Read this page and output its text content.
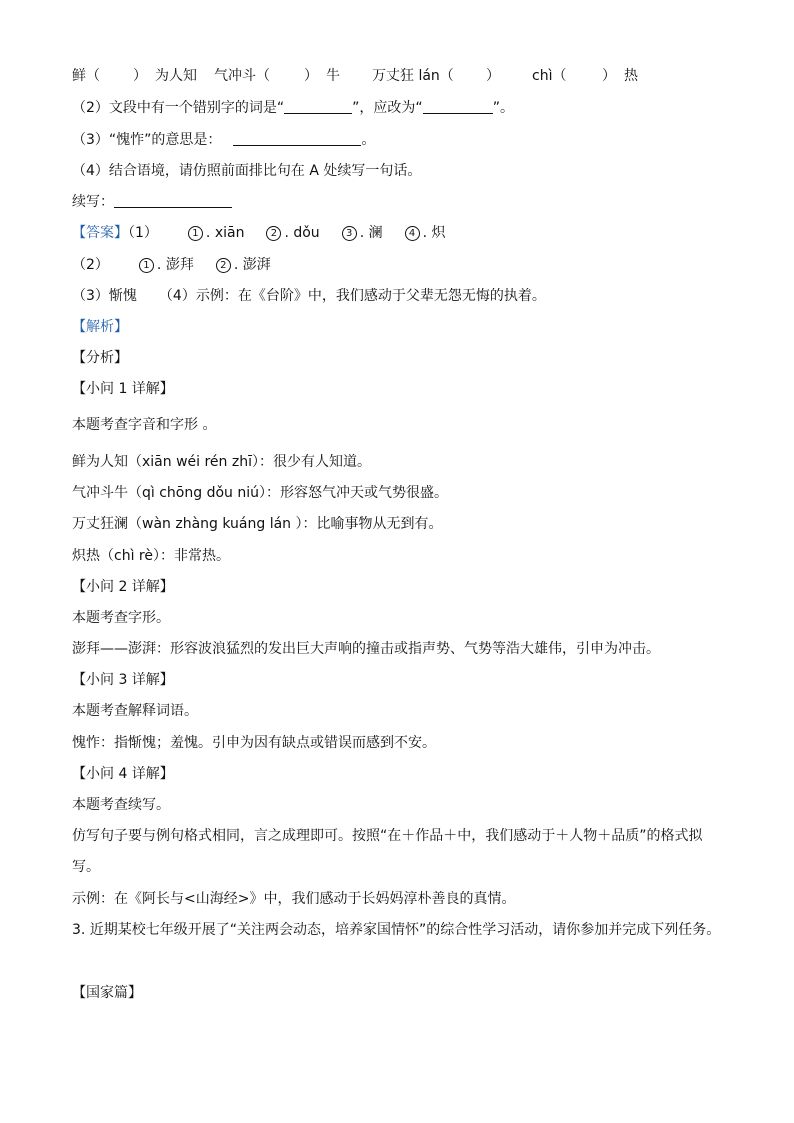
鲜（ ） 为人知 气冲斗（ ） 牛 万丈狂 lán（ ） chì（	） 热
（2）文段中有一个错别字的词是“	”，应改为“	”。
（3）“愧怍”的意思是：	。
（4）结合语境，请仿照前面排比句在 A 处续写一句话。
续写：
【答案】（1）	1 . xiān	2 . dǒu	3 . 澜	4 . 炽
（2）	1 . 澎拜	2 . 澎湃
（3）惭愧 （4）示例：在《台阶》中，我们感动于父辈无怨无悔的执着。
【解析】
【分析】
【小问 1 详解】
本题考查字音和字形 。
鲜为人知（xiān wéi rén zhī）：很少有人知道。
气冲斗牛（qì chōng dǒu niú）：形容怒气冲天或气势很盛。
万丈狂澜（wàn zhàng kuáng lán ）：比喻事物从无到有。
炽热（chì rè）：非常热。
【小问 2 详解】
本题考查字形。
澎拜——澎湃：形容波浪猛烈的发出巨大声响的撞击或指声势、气势等浩大雄伟，引申为冲击。
【小问 3 详解】
本题考查解释词语。
愧怍：指惭愧；羞愧。引申为因有缺点或错误而感到不安。
【小问 4 详解】
本题考查续写。
仿写句子要与例句格式相同，言之成理即可。按照“在＋作品＋中，我们感动于＋人物＋品质”的格式拟写。
示例：在《阿长与<山海经>》中，我们感动于长妈妈淳朴善良的真情。
3. 近期某校七年级开展了“关注两会动态，培养家国情怀”的综合性学习活动，请你参加并完成下列任务。
【国家篇】
